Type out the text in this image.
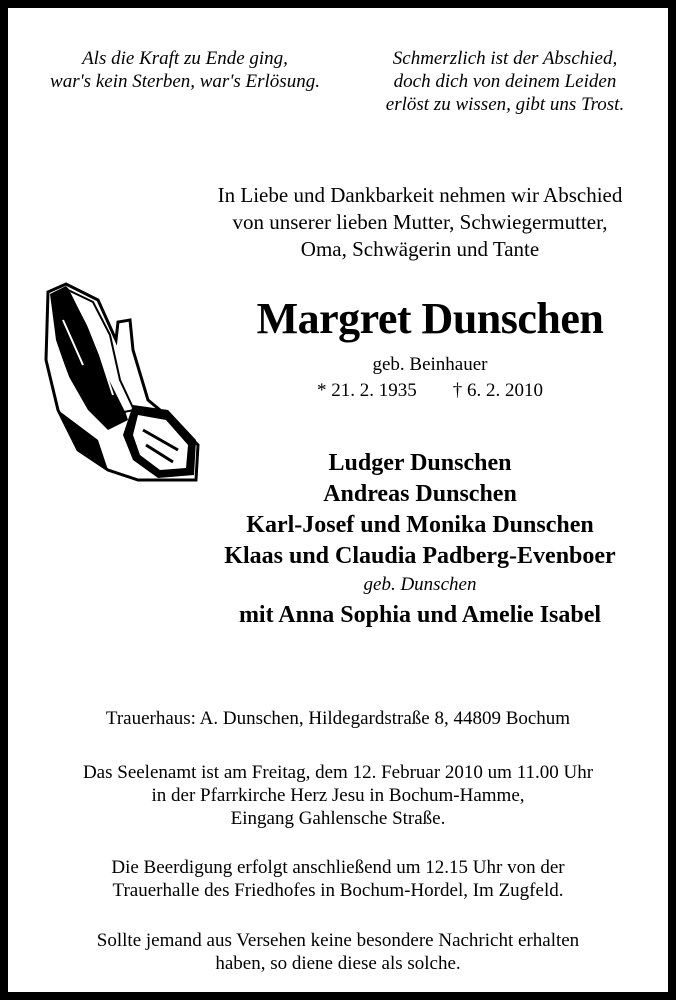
Als die Kraft zu Ende ging,
war's kein Sterben, war's Erlösung.
Schmerzlich ist der Abschied,
doch dich von deinem Leiden
erlöst zu wissen, gibt uns Trost.
In Liebe und Dankbarkeit nehmen wir Abschied
von unserer lieben Mutter, Schwiegermutter,
Oma, Schwägerin und Tante
Margret Dunschen
geb. Beinhauer
* 21. 2. 1935 † 6. 2. 2010
Ludger Dunschen
Andreas Dunschen
Karl-Josef und Monika Dunschen
Klaas und Claudia Padberg-Evenboer
geb. Dunschen
mit Anna Sophia und Amelie Isabel
Trauerhaus: A. Dunschen, Hildegardstraße 8, 44809 Bochum
Das Seelenamt ist am Freitag, dem 12. Februar 2010 um 11.00 Uhr
in der Pfarrkirche Herz Jesu in Bochum-Hamme,
Eingang Gahlensche Straße.
Die Beerdigung erfolgt anschließend um 12.15 Uhr von der
Trauerhalle des Friedhofes in Bochum-Hordel, Im Zugfeld.
Sollte jemand aus Versehen keine besondere Nachricht erhalten
haben, so diene diese als solche.
